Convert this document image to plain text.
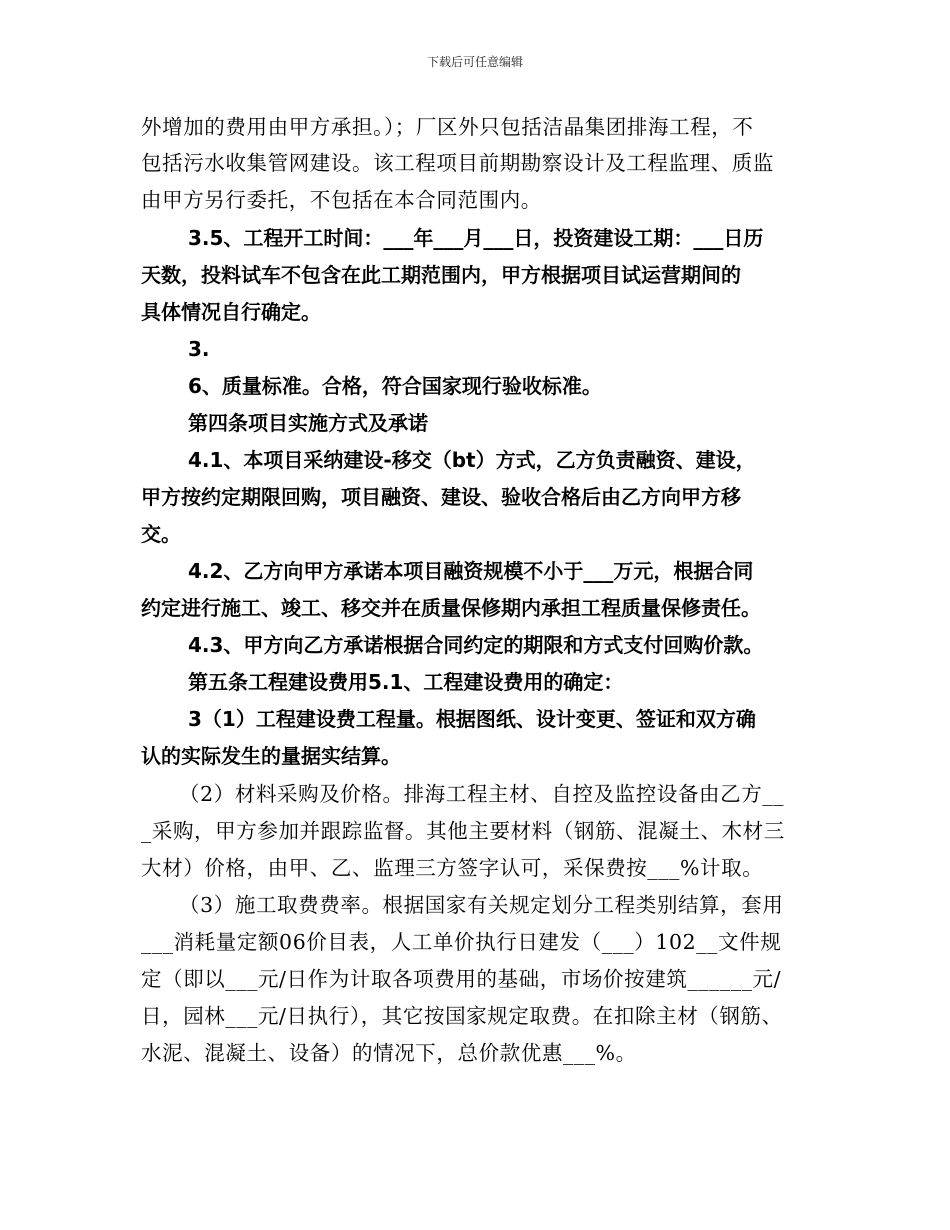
下载后可任意编辑
外增加的费用由甲方承担。）；厂区外只包括洁晶集团排海工程，不
包括污水收集管网建设。该工程项目前期勘察设计及工程监理、质监
由甲方另行委托，不包括在本合同范围内。
3.5、工程开工时间：___年___月___日，投资建设工期：___日历
天数，投料试车不包含在此工期范围内，甲方根据项目试运营期间的
具体情况自行确定。
3.
6、质量标准。合格，符合国家现行验收标准。
第四条项目实施方式及承诺
4.1、本项目采纳建设-移交（bt）方式，乙方负责融资、建设，
甲方按约定期限回购，项目融资、建设、验收合格后由乙方向甲方移
交。
4.2、乙方向甲方承诺本项目融资规模不小于___万元，根据合同
约定进行施工、竣工、移交并在质量保修期内承担工程质量保修责任。
4.3、甲方向乙方承诺根据合同约定的期限和方式支付回购价款。
第五条工程建设费用5.1、工程建设费用的确定：
3（1）工程建设费工程量。根据图纸、设计变更、签证和双方确
认的实际发生的量据实结算。
（2）材料采购及价格。排海工程主材、自控及监控设备由乙方__
_采购，甲方参加并跟踪监督。其他主要材料（钢筋、混凝土、木材三
大材）价格，由甲、乙、监理三方签字认可，采保费按___%计取。
（3）施工取费费率。根据国家有关规定划分工程类别结算，套用
___消耗量定额06价目表，人工单价执行日建发（___）102__文件规
定（即以___元/日作为计取各项费用的基础，市场价按建筑______元/
日，园林___元/日执行），其它按国家规定取费。在扣除主材（钢筋、
水泥、混凝土、设备）的情况下，总价款优惠___%。
